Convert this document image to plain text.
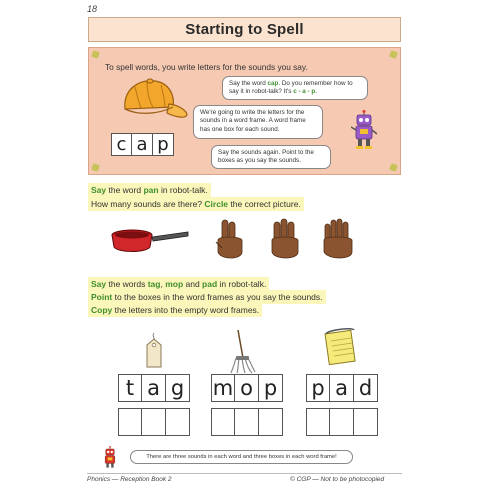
18
Starting to Spell
To spell words, you write letters for the sounds you say.
c a p
Say the word cap. Do you remember how to say it in robot-talk? It's c - a - p.
We're going to write the letters for the sounds in a word frame. A word frame has one box for each sound.
Say the sounds again. Point to the boxes as you say the sounds.
Say the word pan in robot-talk.
How many sounds are there? Circle the correct picture.
Say the words tag, mop and pad in robot-talk.
Point to the boxes in the word frames as you say the sounds.
Copy the letters into the empty word frames.
t a g m o p p a d
There are three sounds in each word and three boxes in each word frame!
Phonics — Reception Book 2	© CGP — Not to be photocopied
